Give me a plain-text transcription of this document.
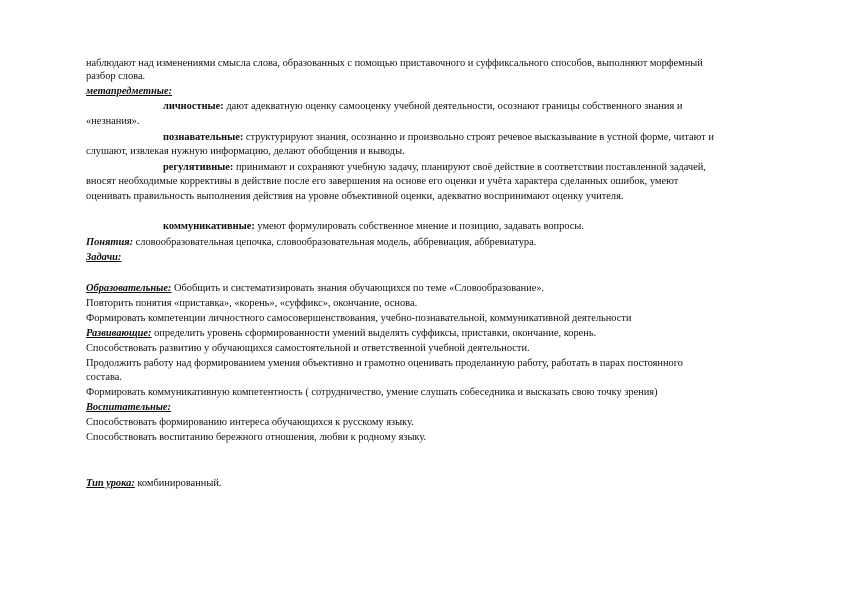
наблюдают над изменениями смысла слова, образованных с помощью приставочного и суффиксального способов, выполняют морфемный
разбор слова.
метапредметные:
личностные: дают адекватную оценку самооценку учебной деятельности, осознают границы собственного знания и
«незнания».
познавательные: структурируют знания, осознанно и произвольно строят речевое высказывание в устной форме, читают и
слушают, извлекая нужную информацию, делают обобщения и выводы.
регулятивные: принимают и сохраняют учебную задачу, планируют своё действие в соответствии поставленной задачей,
вносят необходимые коррективы в действие после его завершения на основе его оценки и учёта характера сделанных ошибок, умеют
оценивать правильность выполнения действия на уровне объективной оценки, адекватно воспринимают оценку учителя.
коммуникативные: умеют формулировать собственное мнение и позицию, задавать вопросы.
Понятия: словообразовательная цепочка, словообразовательная модель, аббревиация, аббревиатура.
Задачи:
Образовательные: Обобщить и систематизировать знания обучающихся по теме «Словообразование».
Повторить понятия «приставка», «корень», «суффикс», окончание, основа.
Формировать компетенции личностного самосовершенствования, учебно-познавательной, коммуникативной деятельности
Развивающие: определить уровень сформированности умений выделять суффиксы, приставки, окончание, корень.
Способствовать развитию у обучающихся самостоятельной и ответственной учебной деятельности.
Продолжить работу над формированием умения объективно и грамотно оценивать проделанную работу, работать в парах постоянного
состава.
Формировать коммуникативную компетентность ( сотрудничество, умение слушать собеседника и высказать свою точку зрения)
Воспитательные:
Способствовать формированию интереса обучающихся к русскому языку.
Способствовать воспитанию бережного отношения, любви к родному языку.
Тип урока: комбинированный.
